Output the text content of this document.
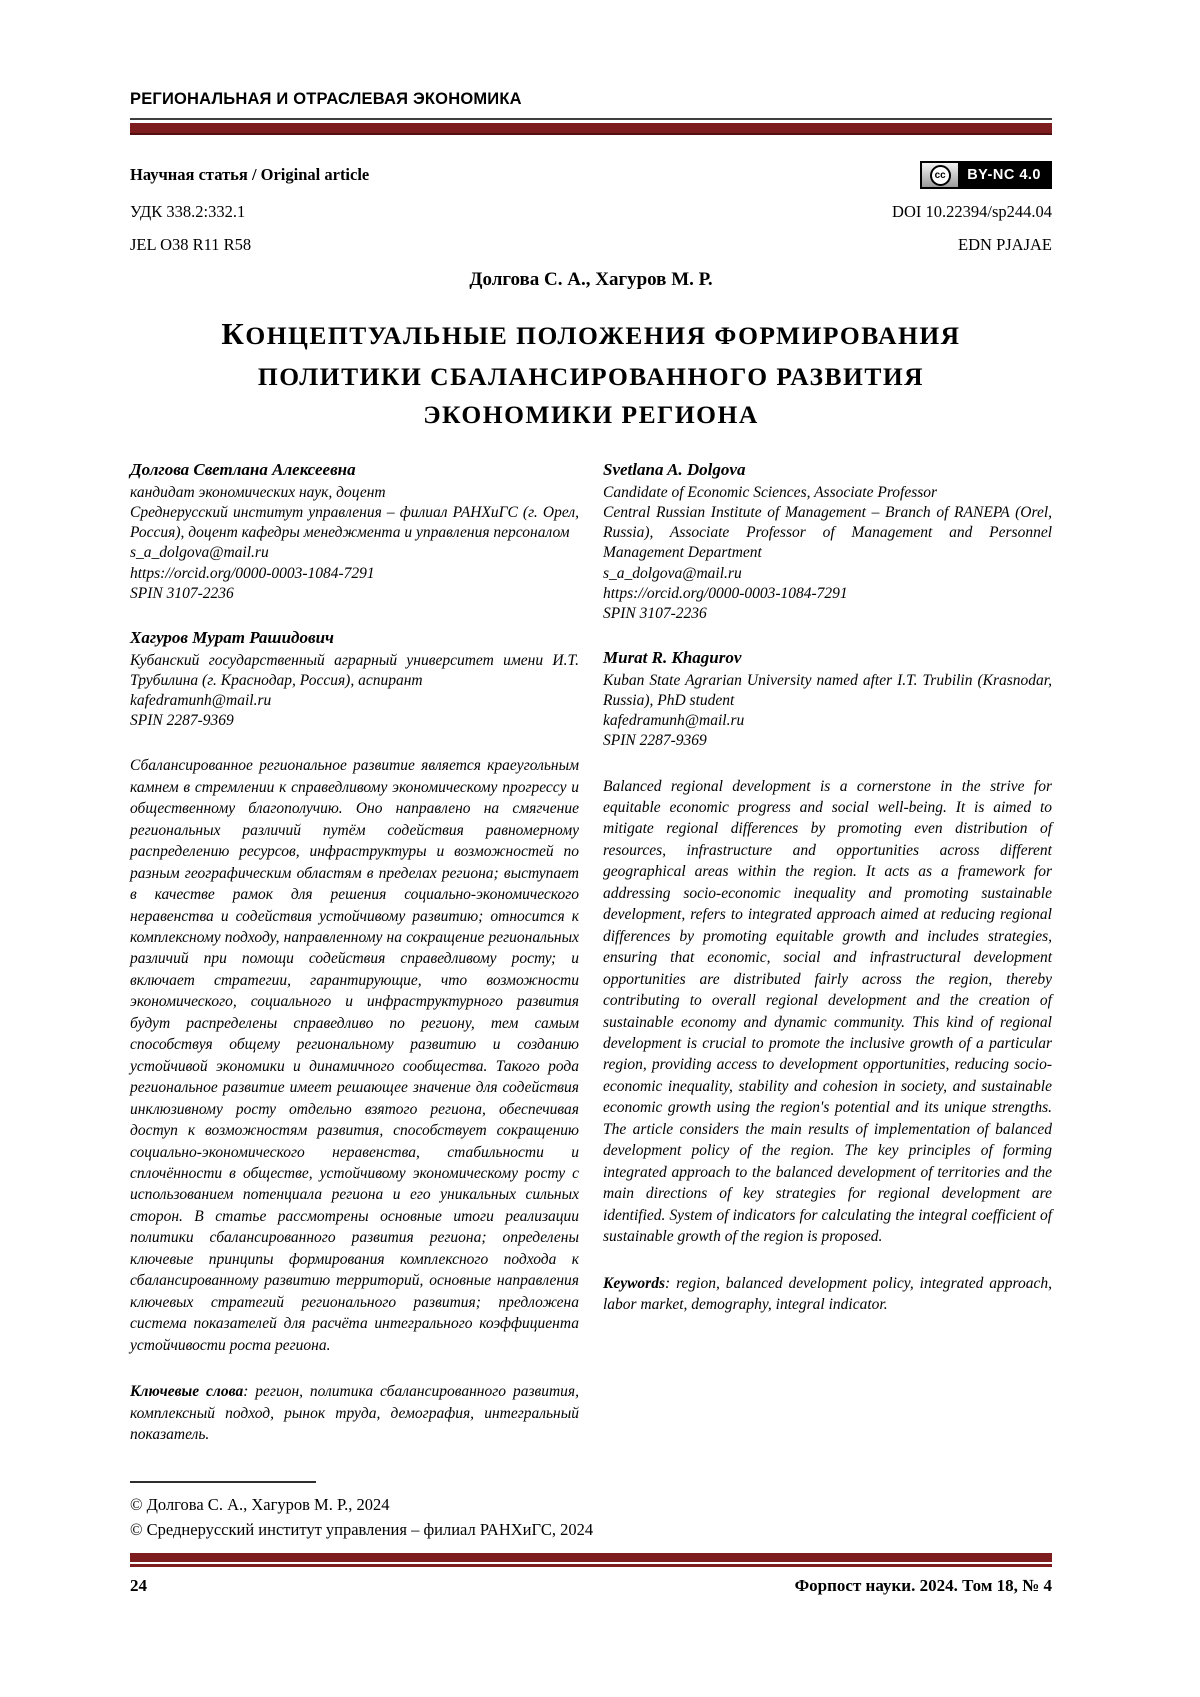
РЕГИОНАЛЬНАЯ И ОТРАСЛЕВАЯ ЭКОНОМИКА
Научная статья / Original article	cc	BY-NC 4.0
УДК 338.2:332.1	DOI 10.22394/sp244.04
JEL O38 R11 R58	EDN PJAJAE
Долгова С. А., Хагуров М. Р.
КОНЦЕПТУАЛЬНЫЕ ПОЛОЖЕНИЯ ФОРМИРОВАНИЯ
ПОЛИТИКИ СБАЛАНСИРОВАННОГО РАЗВИТИЯ
ЭКОНОМИКИ РЕГИОНА
Долгова Светлана Алексеевна
кандидат экономических наук, доцент
Среднерусский институт управления – филиал РАНХиГС (г. Орел, Россия), доцент кафедры менеджмента и управления персоналом
s_a_dolgova@mail.ru
https://orcid.org/0000-0003-1084-7291
SPIN 3107-2236
Хагуров Мурат Рашидович
Кубанский государственный аграрный университет имени И.Т. Трубилина (г. Краснодар, Россия), аспирант
kafedramunh@mail.ru
SPIN 2287-9369
Сбалансированное региональное развитие является краеугольным камнем в стремлении к справедливому экономическому прогрессу и общественному благополучию. Оно направлено на смягчение региональных различий путём содействия равномерному распределению ресурсов, инфраструктуры и возможностей по разным географическим областям в пределах региона; выступает в качестве рамок для решения социально-экономического неравенства и содействия устойчивому развитию; относится к комплексному подходу, направленному на сокращение региональных различий при помощи содействия справедливому росту; и включает стратегии, гарантирующие, что возможности экономического, социального и инфраструктурного развития будут распределены справедливо по региону, тем самым способствуя общему региональному развитию и созданию устойчивой экономики и динамичного сообщества. Такого рода региональное развитие имеет решающее значение для содействия инклюзивному росту отдельно взятого региона, обеспечивая доступ к возможностям развития, способствует сокращению социально-экономического неравенства, стабильности и сплочённости в обществе, устойчивому экономическому росту с использованием потенциала региона и его уникальных сильных сторон. В статье рассмотрены основные итоги реализации политики сбалансированного развития региона; определены ключевые принципы формирования комплексного подхода к сбалансированному развитию территорий, основные направления ключевых стратегий регионального развития; предложена система показателей для расчёта интегрального коэффициента устойчивости роста региона.
Ключевые слова: регион, политика сбалансированного развития, комплексный подход, рынок труда, демография, интегральный показатель.
Svetlana A. Dolgova
Candidate of Economic Sciences, Associate Professor
Central Russian Institute of Management – Branch of RANEPA (Orel, Russia), Associate Professor of Management and Personnel Management Department
s_a_dolgova@mail.ru
https://orcid.org/0000-0003-1084-7291
SPIN 3107-2236
Murat R. Khagurov
Kuban State Agrarian University named after I.T. Trubilin (Krasnodar, Russia), PhD student
kafedramunh@mail.ru
SPIN 2287-9369
Balanced regional development is a cornerstone in the strive for equitable economic progress and social well-being. It is aimed to mitigate regional differences by promoting even distribution of resources, infrastructure and opportunities across different geographical areas within the region. It acts as a framework for addressing socio-economic inequality and promoting sustainable development, refers to integrated approach aimed at reducing regional differences by promoting equitable growth and includes strategies, ensuring that economic, social and infrastructural development opportunities are distributed fairly across the region, thereby contributing to overall regional development and the creation of sustainable economy and dynamic community. This kind of regional development is crucial to promote the inclusive growth of a particular region, providing access to development opportunities, reducing socio-economic inequality, stability and cohesion in society, and sustainable economic growth using the region's potential and its unique strengths. The article considers the main results of implementation of balanced development policy of the region. The key principles of forming integrated approach to the balanced development of territories and the main directions of key strategies for regional development are identified. System of indicators for calculating the integral coefficient of sustainable growth of the region is proposed.
Keywords: region, balanced development policy, integrated approach, labor market, demography, integral indicator.
© Долгова С. А., Хагуров М. Р., 2024
© Среднерусский институт управления – филиал РАНХиГС, 2024
24	Форпост науки. 2024. Том 18, № 4
